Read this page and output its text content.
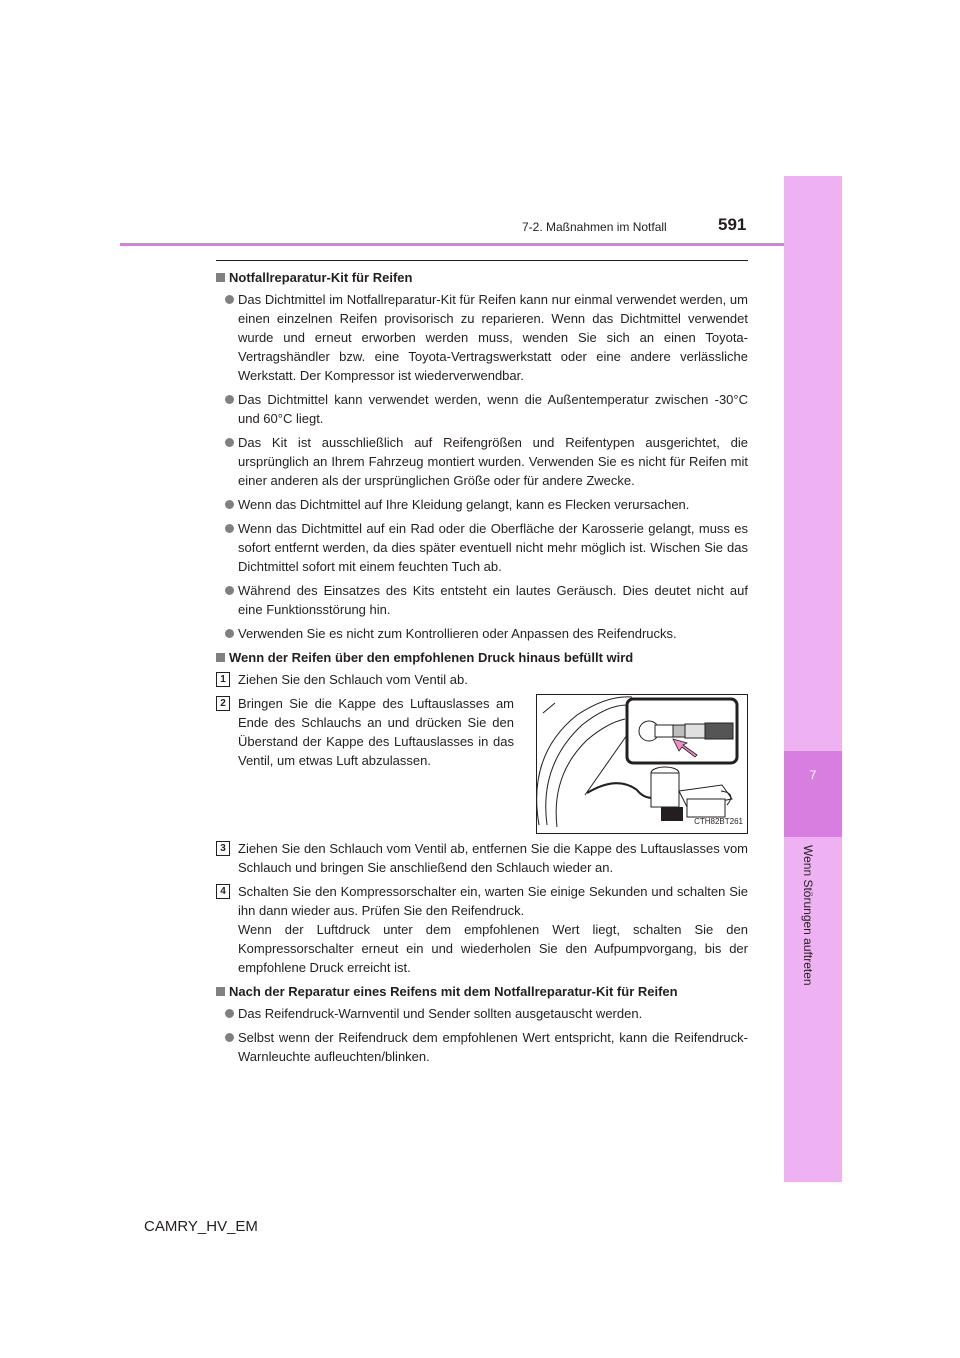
7
Wenn Störungen auftreten
7-2. Maßnahmen im Notfall	591
Notfallreparatur-Kit für Reifen
Das Dichtmittel im Notfallreparatur-Kit für Reifen kann nur einmal verwendet werden, um einen einzelnen Reifen provisorisch zu reparieren. Wenn das Dichtmittel verwendet wurde und erneut erworben werden muss, wenden Sie sich an einen Toyota-Vertragshändler bzw. eine Toyota-Vertragswerkstatt oder eine andere verlässliche Werkstatt. Der Kompressor ist wiederverwendbar.
Das Dichtmittel kann verwendet werden, wenn die Außentemperatur zwischen -30°C und 60°C liegt.
Das Kit ist ausschließlich auf Reifengrößen und Reifentypen ausgerichtet, die ursprünglich an Ihrem Fahrzeug montiert wurden. Verwenden Sie es nicht für Reifen mit einer anderen als der ursprünglichen Größe oder für andere Zwecke.
Wenn das Dichtmittel auf Ihre Kleidung gelangt, kann es Flecken verursachen.
Wenn das Dichtmittel auf ein Rad oder die Oberfläche der Karosserie gelangt, muss es sofort entfernt werden, da dies später eventuell nicht mehr möglich ist. Wischen Sie das Dichtmittel sofort mit einem feuchten Tuch ab.
Während des Einsatzes des Kits entsteht ein lautes Geräusch. Dies deutet nicht auf eine Funktionsstörung hin.
Verwenden Sie es nicht zum Kontrollieren oder Anpassen des Reifendrucks.
Wenn der Reifen über den empfohlenen Druck hinaus befüllt wird
1 Ziehen Sie den Schlauch vom Ventil ab.
2 Bringen Sie die Kappe des Luftauslasses am Ende des Schlauchs an und drücken Sie den Überstand der Kappe des Luftauslasses in das Ventil, um etwas Luft abzulassen.
CTH82BT261
3 Ziehen Sie den Schlauch vom Ventil ab, entfernen Sie die Kappe des Luftauslasses vom Schlauch und bringen Sie anschließend den Schlauch wieder an.
4 Schalten Sie den Kompressorschalter ein, warten Sie einige Sekunden und schalten Sie ihn dann wieder aus. Prüfen Sie den Reifendruck.
Wenn der Luftdruck unter dem empfohlenen Wert liegt, schalten Sie den Kompressorschalter erneut ein und wiederholen Sie den Aufpumpvorgang, bis der empfohlene Druck erreicht ist.
Nach der Reparatur eines Reifens mit dem Notfallreparatur-Kit für Reifen
Das Reifendruck-Warnventil und Sender sollten ausgetauscht werden.
Selbst wenn der Reifendruck dem empfohlenen Wert entspricht, kann die Reifendruck-Warnleuchte aufleuchten/blinken.
CAMRY_HV_EM
